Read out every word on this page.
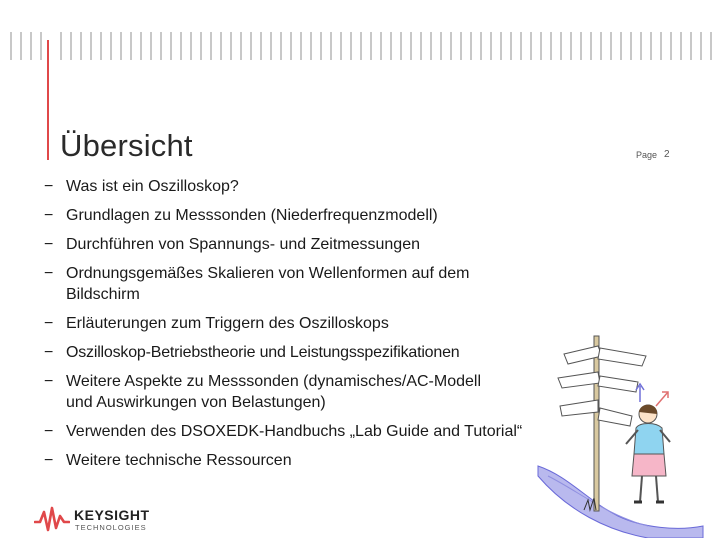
Übersicht	Page 2
− Was ist ein Oszilloskop?
− Grundlagen zu Messsonden (Niederfrequenzmodell)
− Durchführen von Spannungs- und Zeitmessungen
− Ordnungsgemäßes Skalieren von Wellenformen auf dem Bildschirm
− Erläuterungen zum Triggern des Oszilloskops
− Oszilloskop-Betriebstheorie und Leistungsspezifikationen
− Weitere Aspekte zu Messsonden (dynamisches/AC-Modell und Auswirkungen von Belastungen)
− Verwenden des DSOXEDK-Handbuchs „Lab Guide and Tutorial“
− Weitere technische Ressourcen
KEYSIGHT
TECHNOLOGIES
